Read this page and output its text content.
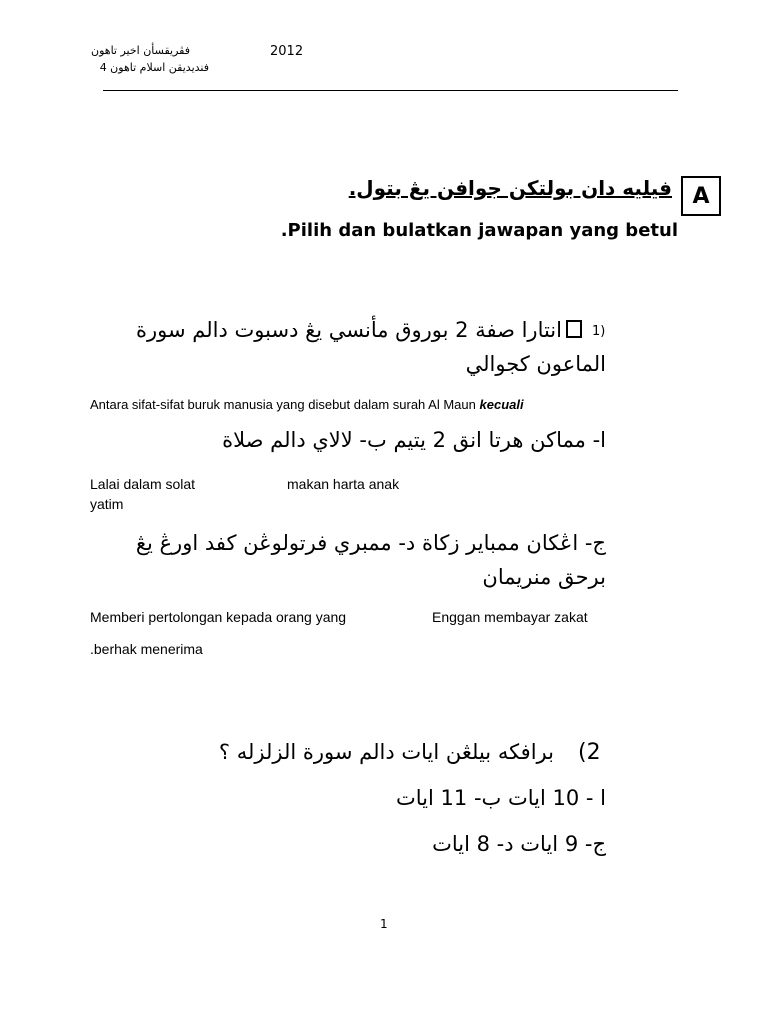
2012
فڤريقسأن اخير تاهون
فنديديقن اسلام تاهون 4
A
فيليه دان بولتكن جوافن يڠ بتول.
.Pilih dan bulatkan jawapan yang betul
1)
انتارا صفة 2 بوروق مأنسي يڠ دسبوت دالم سورة
الماعون كجوالي
Antara sifat-sifat buruk manusia yang disebut dalam surah Al Maun kecuali
ا- مماكن هرتا انق 2 يتيم ب- لالاي دالم صلاة
Lalai dalam solat	makan harta anak
yatim
ج- اڠكان ممباير زكاة د- ممبري فرتولوڠن كفد اورڠ يڠ
برحق منريمان
Memberi pertolongan kepada orang yang	Enggan membayar zakat
.berhak menerima
(2
برافكه بيلڠن ايات دالم سورة الزلزله ؟
ا - 10 ايات ب- 11 ايات
ج- 9 ايات د- 8 ايات
1
